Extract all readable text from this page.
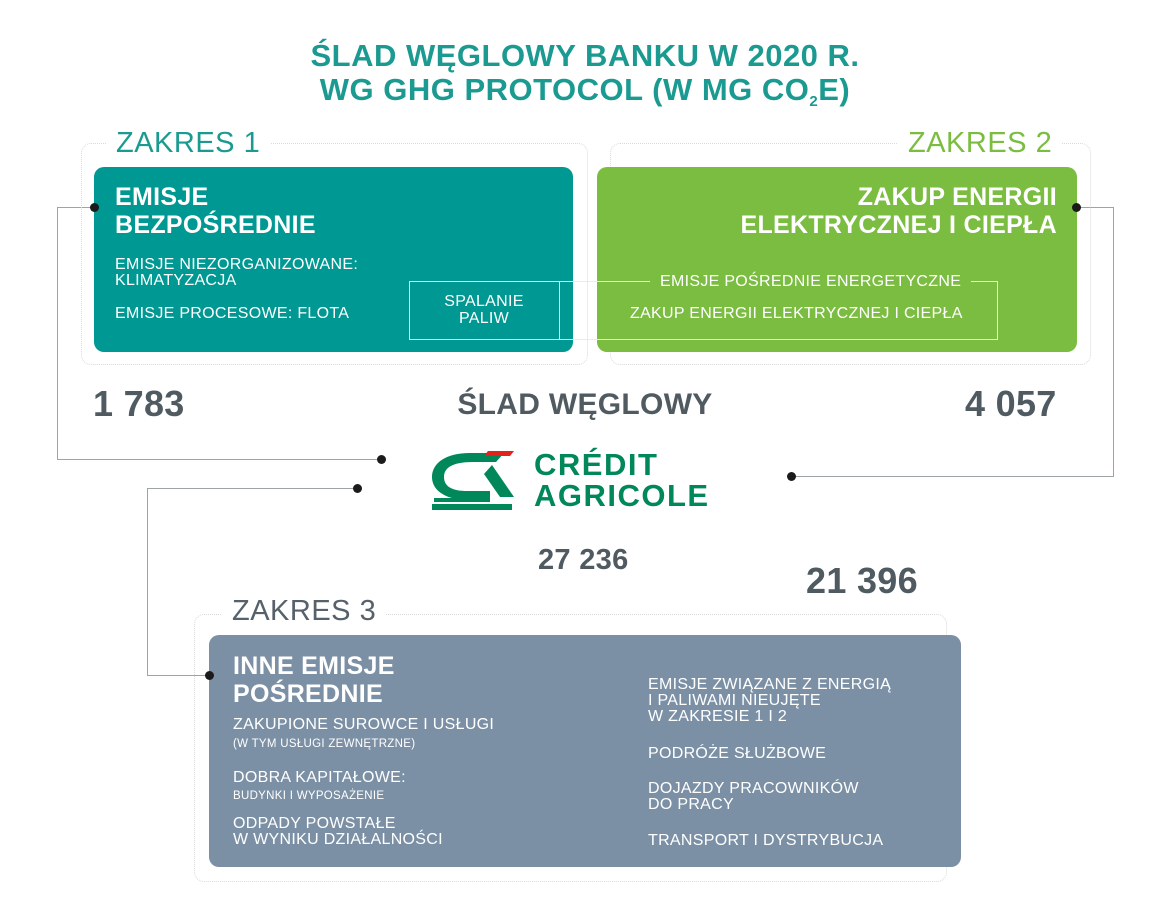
ŚLAD WĘGLOWY BANKU W 2020 R.
WG GHG PROTOCOL (W MG $CO_2E$)
ZAKRES 1
EMISJE
BEZPOŚREDNIE
EMISJE NIEZORGANIZOWANE:
KLIMATYZACJA
EMISJE PROCESOWE: FLOTA
ZAKRES 2
ZAKUP ENERGII
ELEKTRYCZNEJ I CIEPŁA
SPALANIE
PALIW
EMISJE POŚREDNIE ENERGETYCZNE
ZAKUP ENERGII ELEKTRYCZNEJ I CIEPŁA
1 783	ŚLAD WĘGLOWY	4 057
CRÉDIT
AGRICOLE
27 236	21 396
ZAKRES 3
INNE EMISJE
POŚREDNIE
ZAKUPIONE SUROWCE I USŁUGI
(W TYM USŁUGI ZEWNĘTRZNE)
DOBRA KAPITAŁOWE:
BUDYNKI I WYPOSAŻENIE
ODPADY POWSTAŁE
W WYNIKU DZIAŁALNOŚCI
EMISJE ZWIĄZANE Z ENERGIĄ
I PALIWAMI NIEUJĘTE
W ZAKRESIE 1 I 2
PODRÓŻE SŁUŻBOWE
DOJAZDY PRACOWNIKÓW
DO PRACY
TRANSPORT I DYSTRYBUCJA
